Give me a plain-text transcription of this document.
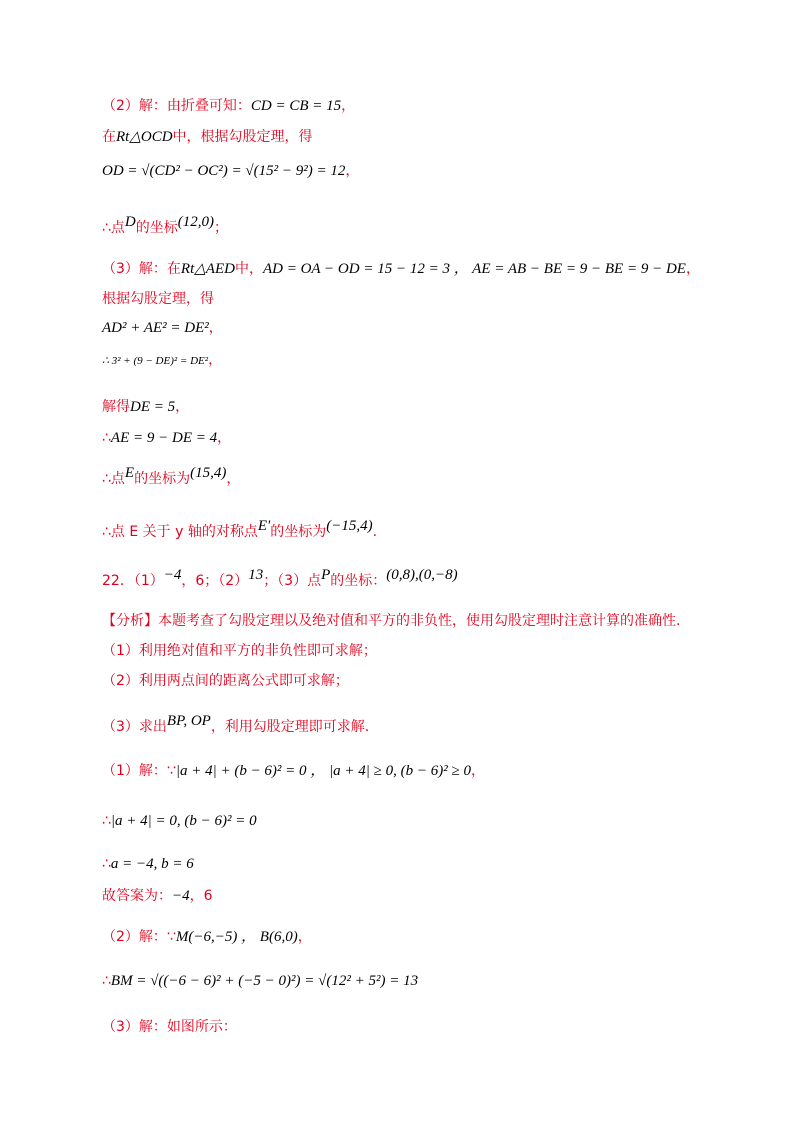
（2）解：由折叠可知：CD = CB = 15，
在Rt△OCD中，根据勾股定理，得
OD = √(CD² − OC²) = √(15² − 9²) = 12，
∴点D的坐标(12,0)；
（3）解：在Rt△AED中，AD = OA − OD = 15 − 12 = 3 ， AE = AB − BE = 9 − BE = 9 − DE，
根据勾股定理，得
AD² + AE² = DE²，
∴ 3² + (9 − DE)² = DE²，
解得DE = 5，
∴AE = 9 − DE = 4，
∴点E的坐标为(15,4)，
∴点 E 关于 y 轴的对称点E′的坐标为(−15,4).
22．（1）−4，6；（2）13；（3）点P的坐标：(0,8),(0,−8)
【分析】本题考查了勾股定理以及绝对值和平方的非负性，使用勾股定理时注意计算的准确性.
（1）利用绝对值和平方的非负性即可求解；
（2）利用两点间的距离公式即可求解；
（3）求出BP, OP，利用勾股定理即可求解.
（1）解：∵|a + 4| + (b − 6)² = 0 ， |a + 4| ≥ 0, (b − 6)² ≥ 0，
∴|a + 4| = 0, (b − 6)² = 0
∴a = −4, b = 6
故答案为：−4，6
（2）解：∵M(−6,−5) ， B(6,0)，
∴BM = √((−6 − 6)² + (−5 − 0)²) = √(12² + 5²) = 13
（3）解：如图所示：
